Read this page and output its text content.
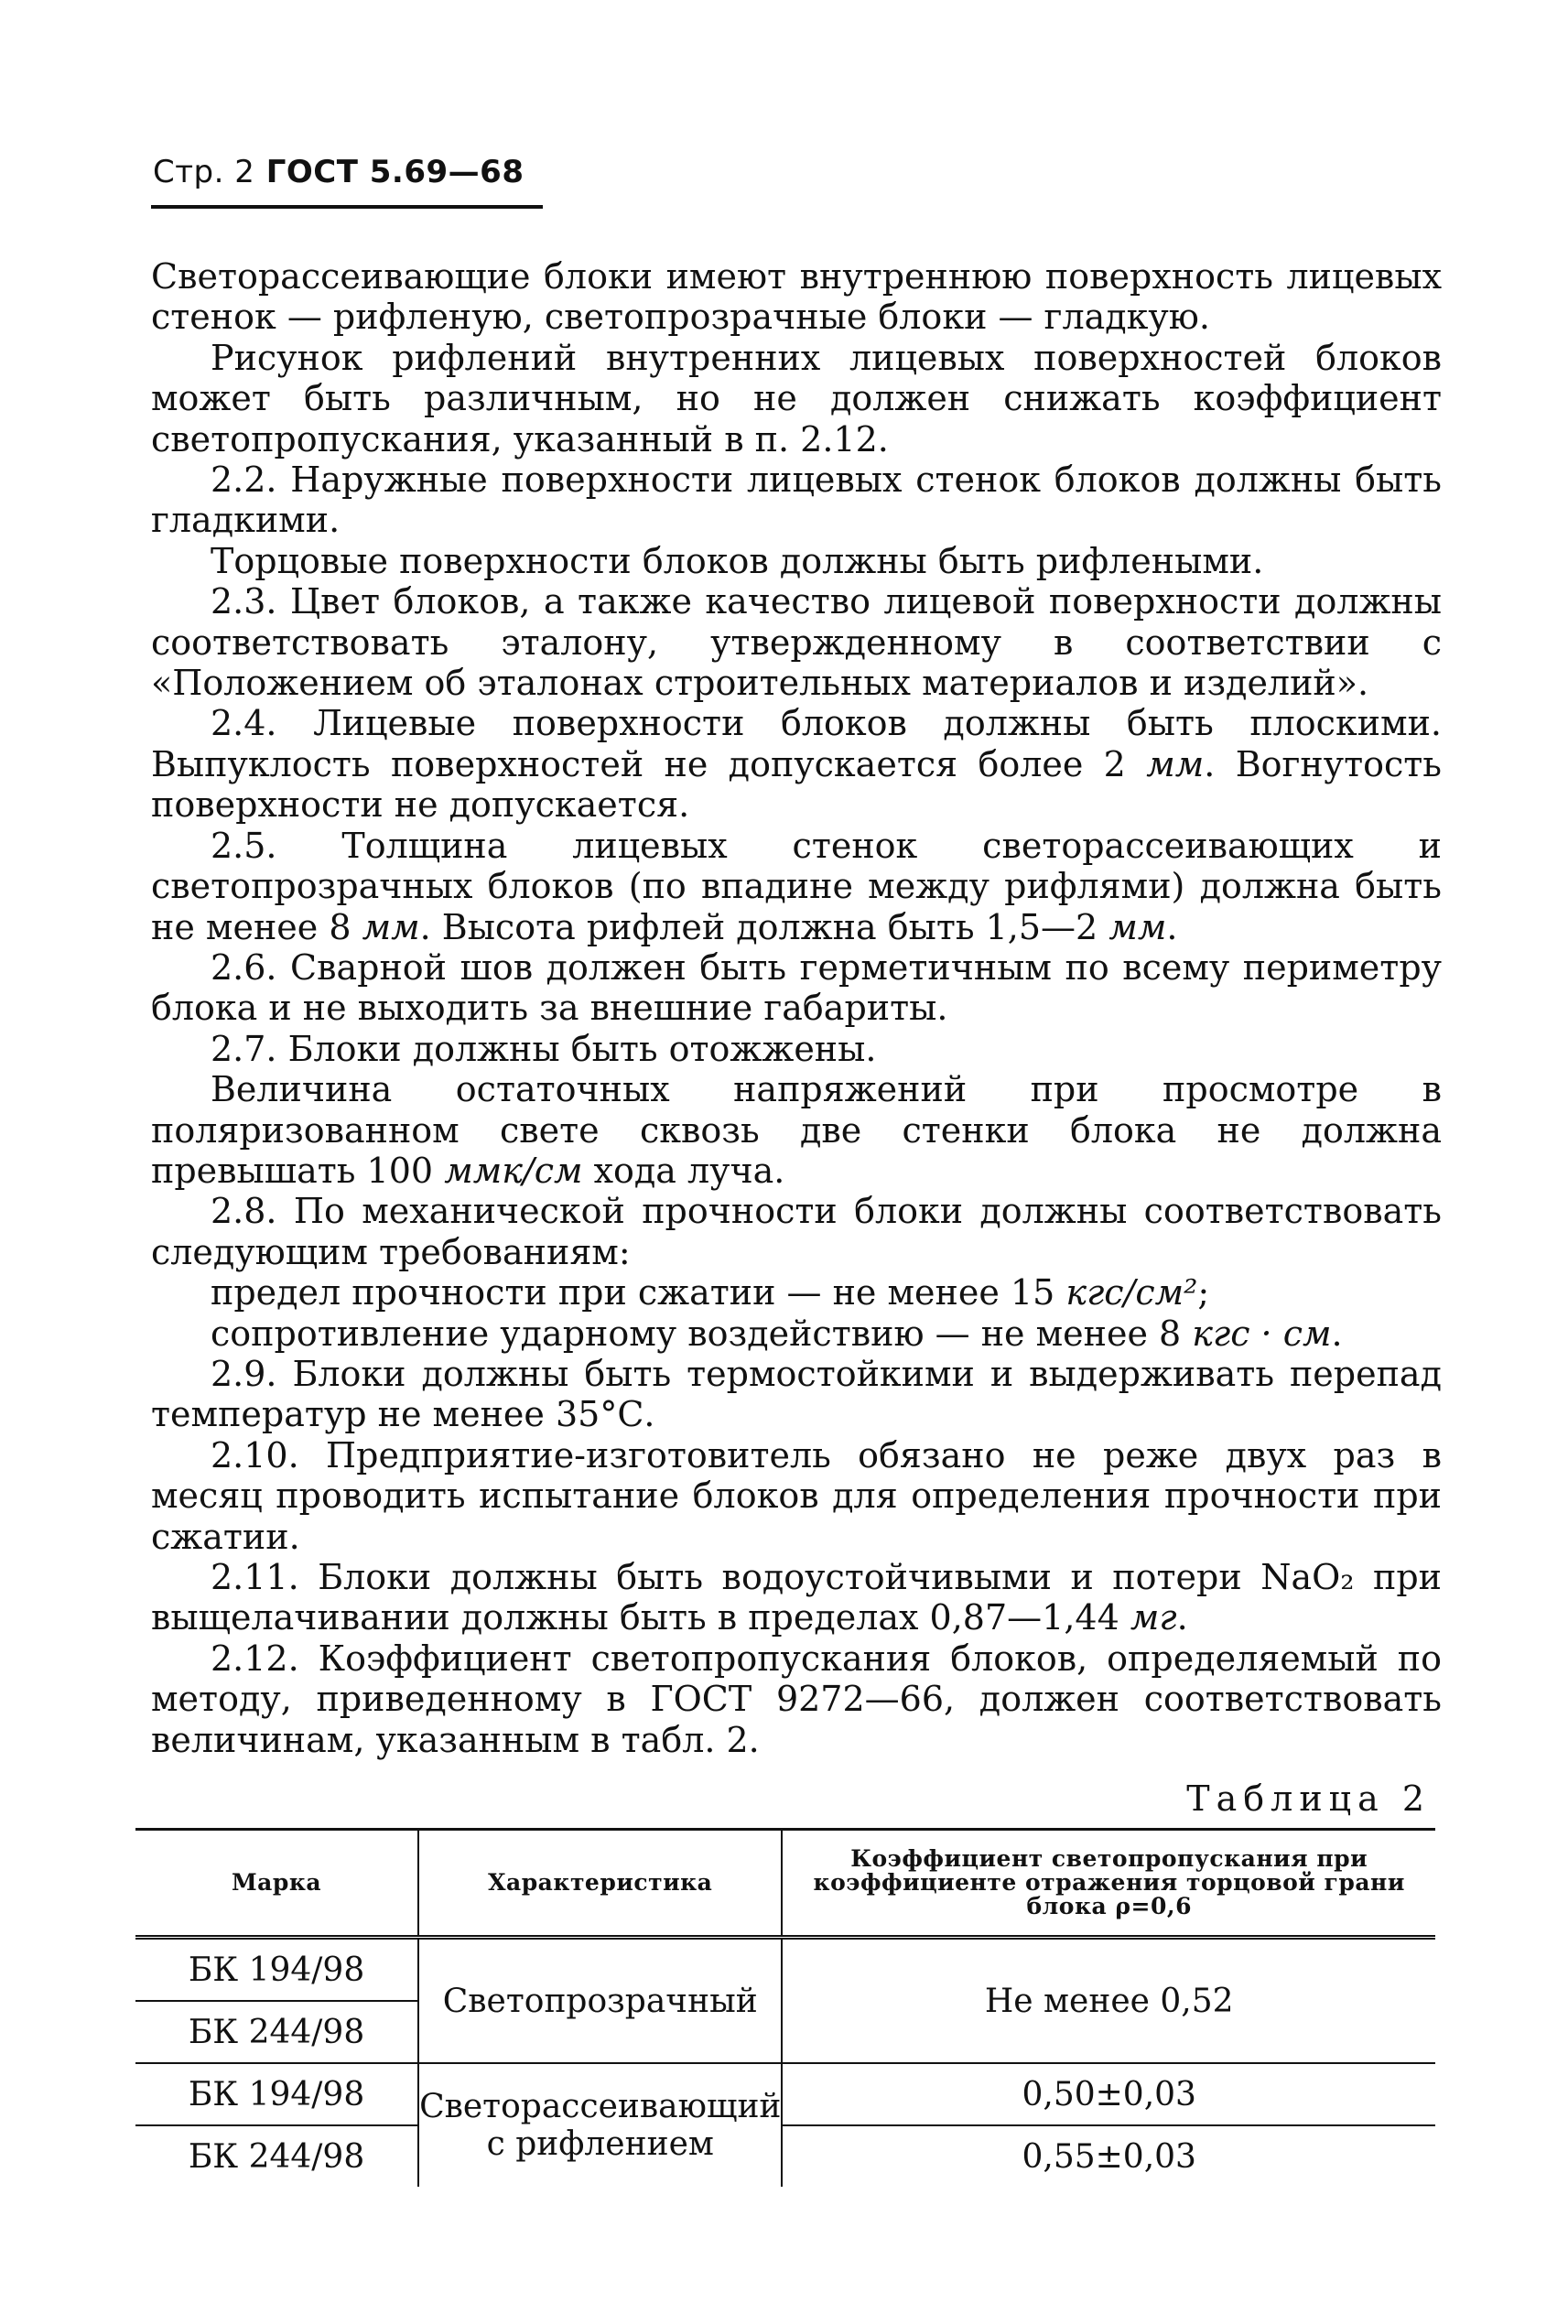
Стр. 2 ГОСТ 5.69—68

Светорассеивающие блоки имеют внутреннюю поверхность лицевых стенок — рифленую, светопрозрачные блоки — гладкую.

Рисунок рифлений внутренних лицевых поверхностей блоков может быть различным, но не должен снижать коэффициент светопропускания, указанный в п. 2.12.

2.2. Наружные поверхности лицевых стенок блоков должны быть гладкими.

Торцовые поверхности блоков должны быть рифлеными.

2.3. Цвет блоков, а также качество лицевой поверхности должны соответствовать эталону, утвержденному в соответствии с «Положением об эталонах строительных материалов и изделий».

2.4. Лицевые поверхности блоков должны быть плоскими. Выпуклость поверхностей не допускается более 2 мм. Вогнутость поверхности не допускается.

2.5. Толщина лицевых стенок светорассеивающих и светопрозрачных блоков (по впадине между рифлями) должна быть не менее 8 мм. Высота рифлей должна быть 1,5—2 мм.

2.6. Сварной шов должен быть герметичным по всему периметру блока и не выходить за внешние габариты.

2.7. Блоки должны быть отожжены.

Величина остаточных напряжений при просмотре в поляризованном свете сквозь две стенки блока не должна превышать 100 ммк/см хода луча.

2.8. По механической прочности блоки должны соответствовать следующим требованиям:

предел прочности при сжатии — не менее 15 кгс/см²;

сопротивление ударному воздействию — не менее 8 кгс · см.

2.9. Блоки должны быть термостойкими и выдерживать перепад температур не менее 35°С.

2.10. Предприятие-изготовитель обязано не реже двух раз в месяц проводить испытание блоков для определения прочности при сжатии.

2.11. Блоки должны быть водоустойчивыми и потери NaO₂ при выщелачивании должны быть в пределах 0,87—1,44 мг.

2.12. Коэффициент светопропускания блоков, определяемый по методу, приведенному в ГОСТ 9272—66, должен соответствовать величинам, указанным в табл. 2.

Таблица 2
Марка	Характеристика	Коэффициент светопропускания при коэффициенте отражения торцовой грани блока ρ=0,6
БК 194/98	Светопрозрачный	Не менее 0,52
БК 244/98		
БК 194/98	Светорассеивающий с рифлением	0,50±0,03
БК 244/98		0,55±0,03
